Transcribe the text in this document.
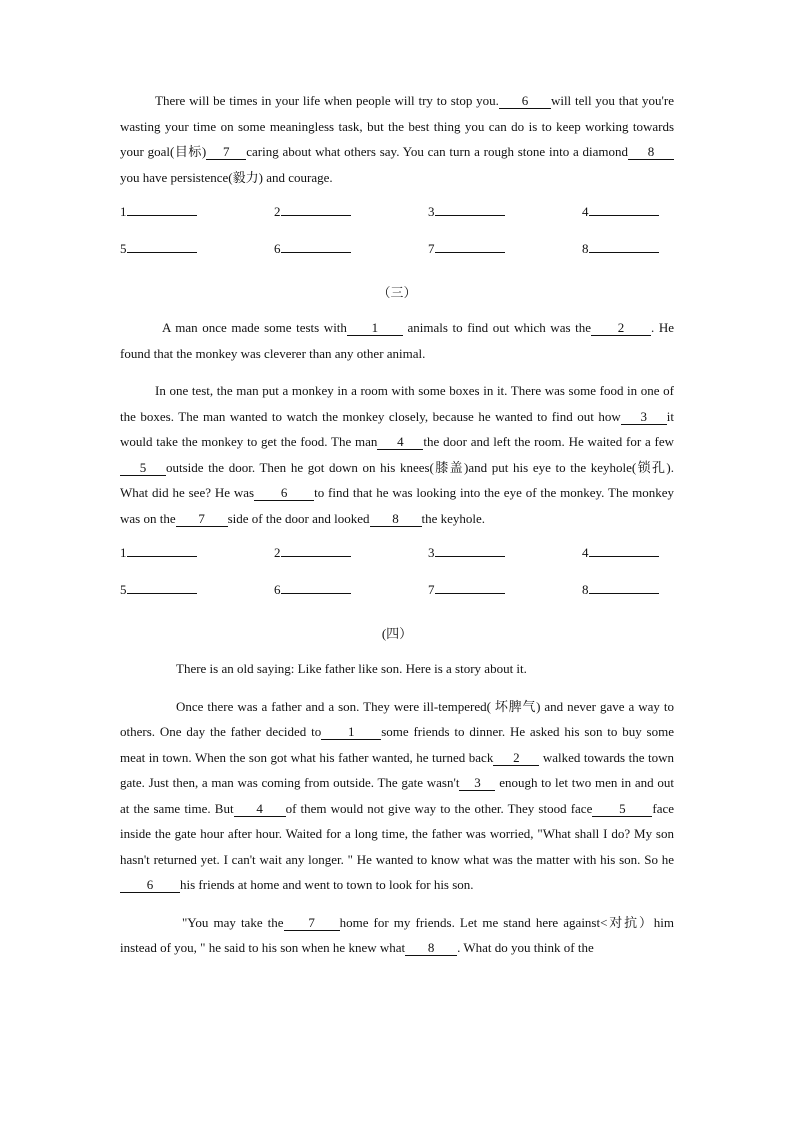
There will be times in your life when people will try to stop you. 6 will tell you that you're wasting your time on some meaningless task, but the best thing you can do is to keep working towards your goal(目标) 7 caring about what others say. You can turn a rough stone into a diamond 8you have persistence(毅力) and courage.

1	2	3	4
5	6	7	8
（三）

A man once made some tests with 1 animals to find out which was the 2 . He found that the monkey was cleverer than any other animal.

In one test, the man put a monkey in a room with some boxes in it. There was some food in one of the boxes. The man wanted to watch the monkey closely, because he wanted to find out how 3 it would take the monkey to get the food. The man 4 the door and left the room. He waited for a few5 outside the door. Then he got down on his knees(膝盖)and put his eye to the keyhole(锁孔). What did he see? He was 6 to find that he was looking into the eye of the monkey. The monkey was on the 7 side of the door and looked 8 the keyhole.

1	2	3	4
5	6	7	8
(四）

There is an old saying: Like father like son. Here is a story about it.

Once there was a father and a son. They were ill-tempered( 坏脾气) and never gave a way to others. One day the father decided to 1 some friends to dinner. He asked his son to buy some meat in town. When the son got what his father wanted, he turned back 2 walked towards the town gate. Just then, a man was coming from outside. The gate wasn't 3 enough to let two men in and out at the same time. But 4 of them would not give way to the other. They stood face 5 face inside the gate hour after hour. Waited for a long time, the father was worried, "What shall I do? My son hasn't returned yet. I can't wait any longer. " He wanted to know what was the matter with his son. So he6 his friends at home and went to town to look for his son.

"You may take the 7 home for my friends. Let me stand here against<对抗）him instead of you, " he said to his son when he knew what 8 . What do you think of the
